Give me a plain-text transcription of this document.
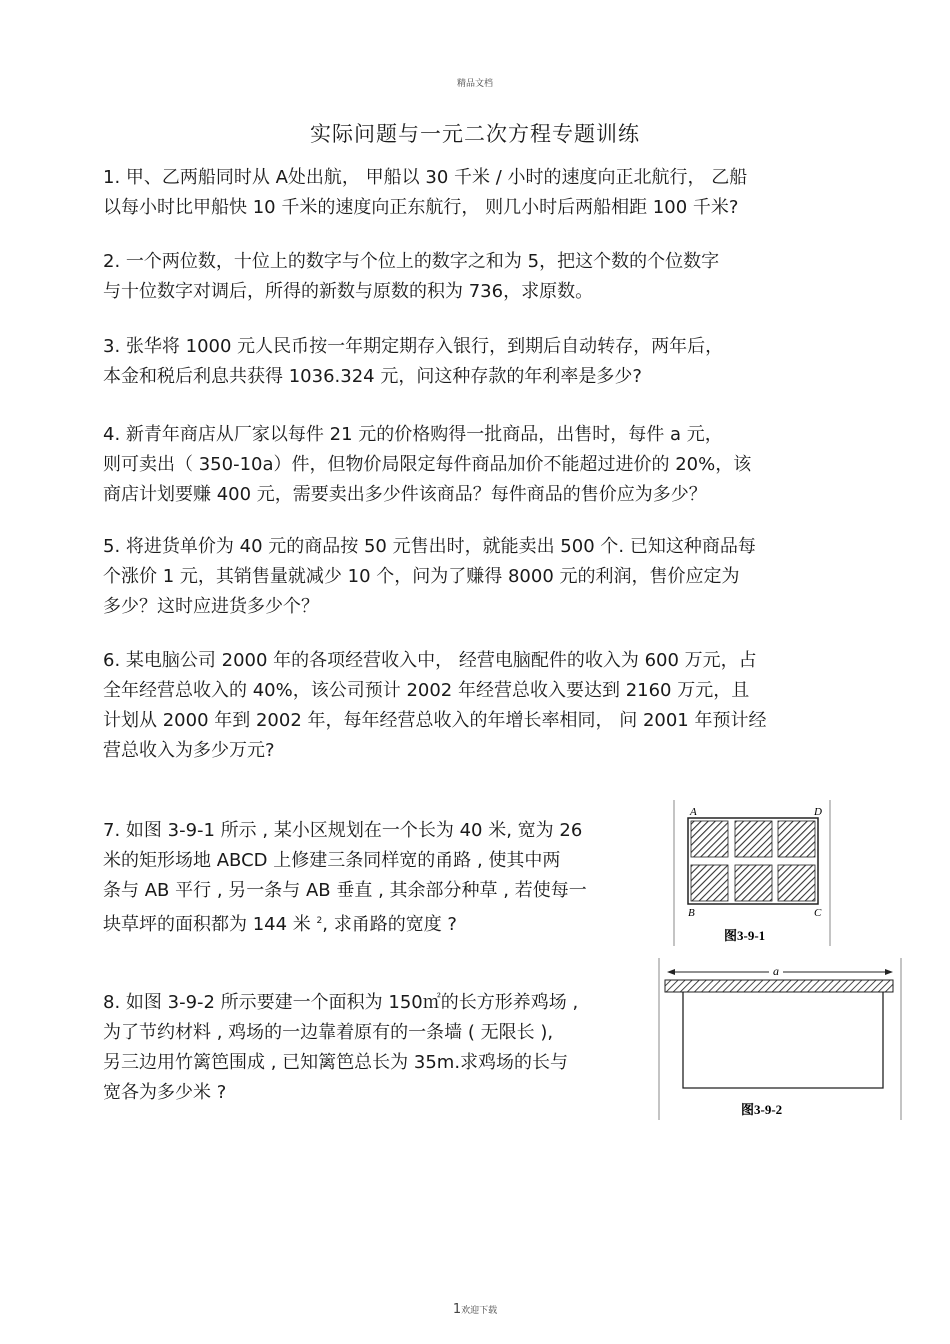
精品文档
实际问题与一元二次方程专题训练
1. 甲、乙两船同时从 A处出航， 甲船以 30 千米 / 小时的速度向正北航行， 乙船
以每小时比甲船快 10 千米的速度向正东航行， 则几小时后两船相距 100 千米?
2. 一个两位数，十位上的数字与个位上的数字之和为 5，把这个数的个位数字
与十位数字对调后，所得的新数与原数的积为 736，求原数。
3. 张华将 1000 元人民币按一年期定期存入银行，到期后自动转存，两年后，
本金和税后利息共获得 1036.324 元，问这种存款的年利率是多少?
4. 新青年商店从厂家以每件 21 元的价格购得一批商品，出售时，每件 a 元，
则可卖出（ 350-10a）件，但物价局限定每件商品加价不能超过进价的 20%，该
商店计划要赚 400 元，需要卖出多少件该商品？每件商品的售价应为多少？
5. 将进货单价为 40 元的商品按 50 元售出时，就能卖出 500 个. 已知这种商品每
个涨价 1 元，其销售量就减少 10 个，问为了赚得 8000 元的利润，售价应定为
多少？这时应进货多少个？
6. 某电脑公司 2000 年的各项经营收入中， 经营电脑配件的收入为 600 万元，占
全年经营总收入的 40%，该公司预计 2002 年经营总收入要达到 2160 万元，且
计划从 2000 年到 2002 年，每年经营总收入的年增长率相同， 问 2001 年预计经
营总收入为多少万元?
7. 如图 3-9-1 所示 , 某小区规划在一个长为 40 米, 宽为 26
米的矩形场地 ABCD 上修建三条同样宽的甬路 , 使其中两
条与 AB 平行 , 另一条与 AB 垂直 , 其余部分种草 , 若使每一
块草坪的面积都为 144 米 $^2$, 求甬路的宽度 ?
A	D
B	C
图3-9-1
8. 如图 3-9-2 所示要建一个面积为 150㎡的长方形养鸡场 ,
为了节约材料 , 鸡场的一边靠着原有的一条墙 ( 无限长 ),
另三边用竹篱笆围成 , 已知篱笆总长为 35m.求鸡场的长与
宽各为多少米 ?
a
图3-9-2
1欢迎下载
